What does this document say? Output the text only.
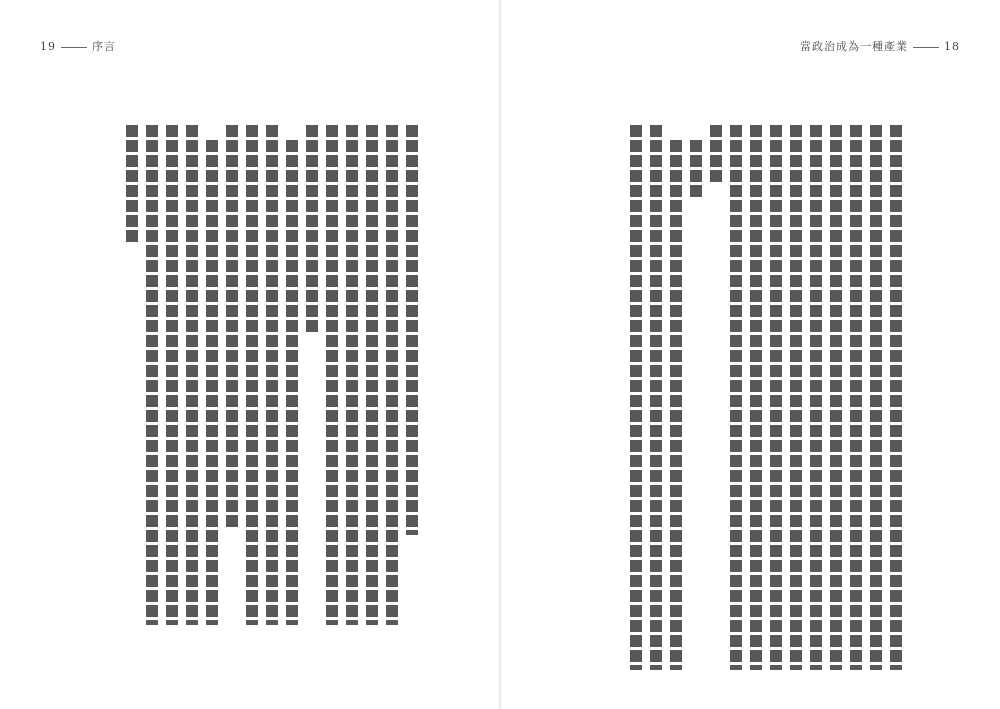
19	序言	當政治成為一種產業	18
